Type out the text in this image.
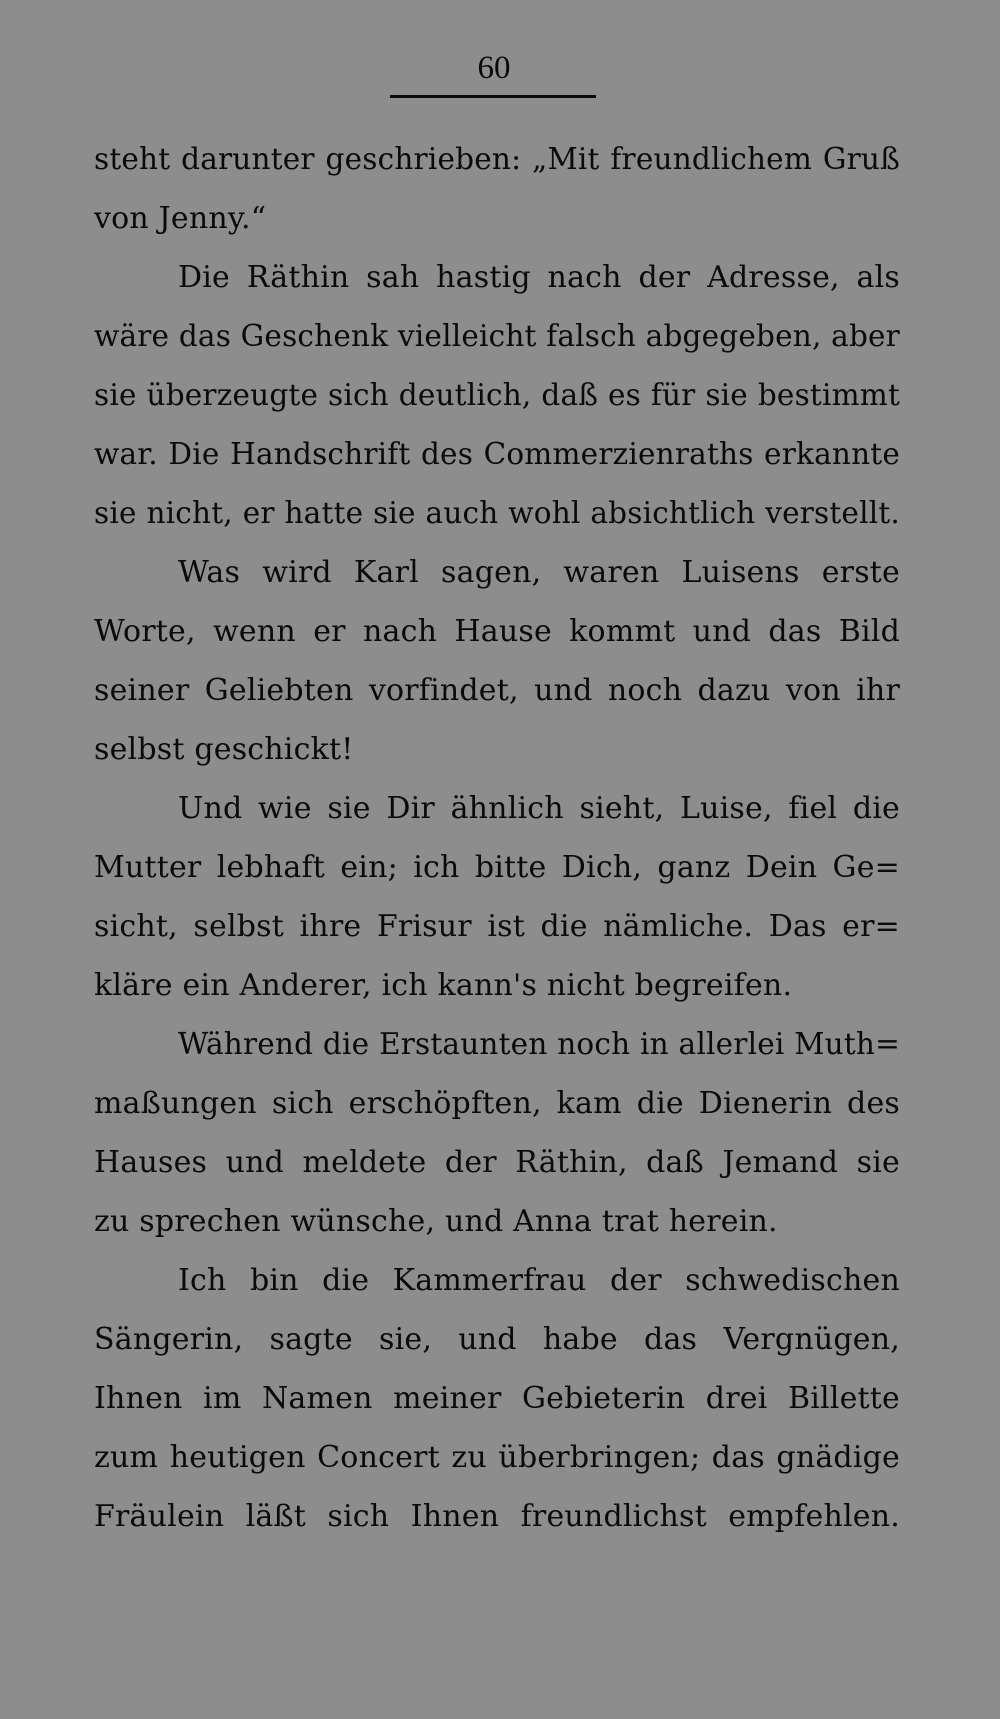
60
steht darunter geschrieben: „Mit freundlichem Gruß
von Jenny.“
Die Räthin sah hastig nach der Adresse, als
wäre das Geschenk vielleicht falsch abgegeben, aber
sie überzeugte sich deutlich, daß es für sie bestimmt
war. Die Handschrift des Commerzienraths erkannte
sie nicht, er hatte sie auch wohl absichtlich verstellt.
Was wird Karl sagen, waren Luisens erste
Worte, wenn er nach Hause kommt und das Bild
seiner Geliebten vorfindet, und noch dazu von ihr
selbst geschickt!
Und wie sie Dir ähnlich sieht, Luise, fiel die
Mutter lebhaft ein; ich bitte Dich, ganz Dein Ge=
sicht, selbst ihre Frisur ist die nämliche. Das er=
kläre ein Anderer, ich kann's nicht begreifen.
Während die Erstaunten noch in allerlei Muth=
maßungen sich erschöpften, kam die Dienerin des
Hauses und meldete der Räthin, daß Jemand sie
zu sprechen wünsche, und Anna trat herein.
Ich bin die Kammerfrau der schwedischen
Sängerin, sagte sie, und habe das Vergnügen,
Ihnen im Namen meiner Gebieterin drei Billette
zum heutigen Concert zu überbringen; das gnädige
Fräulein läßt sich Ihnen freundlichst empfehlen.
